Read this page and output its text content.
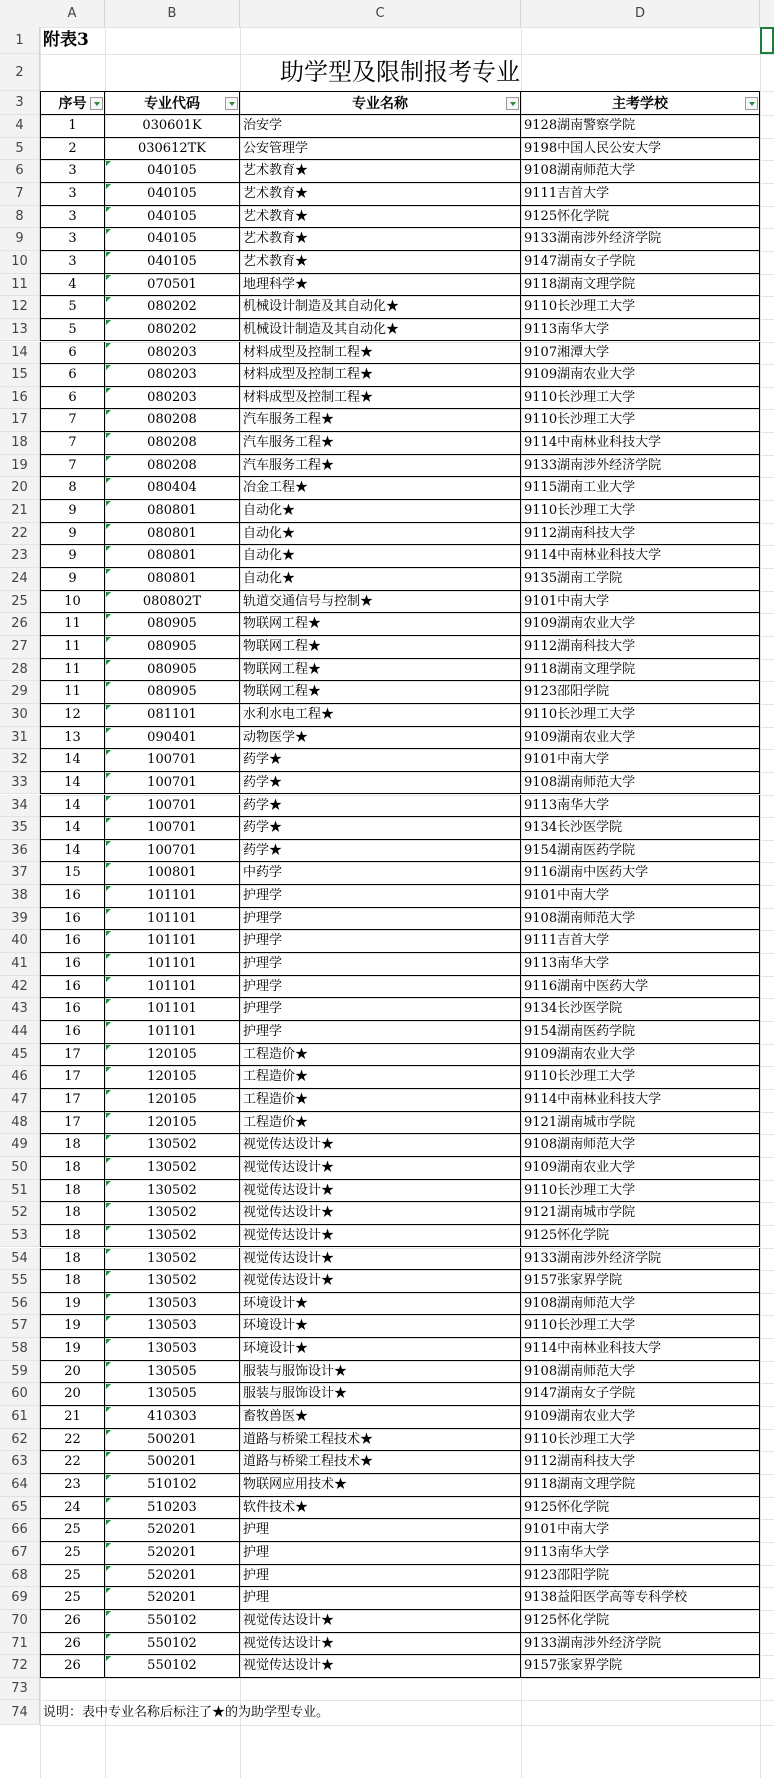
A	B	C	D
1
2
3
4
5
6
7
8
9
10
11
12
13
14
15
16
17
18
19
20
21
22
23
24
25
26
27
28
29
30
31
32
33
34
35
36
37
38
39
40
41
42
43
44
45
46
47
48
49
50
51
52
53
54
55
56
57
58
59
60
61
62
63
64
65
66
67
68
69
70
71
72
73
74
附表3
助学型及限制报考专业
序号	专业代码	专业名称	主考学校
1	030601K	治安学	9128湖南警察学院
2	030612TK	公安管理学	9198中国人民公安大学
3	040105	艺术教育★	9108湖南师范大学
3	040105	艺术教育★	9111吉首大学
3	040105	艺术教育★	9125怀化学院
3	040105	艺术教育★	9133湖南涉外经济学院
3	040105	艺术教育★	9147湖南女子学院
4	070501	地理科学★	9118湖南文理学院
5	080202	机械设计制造及其自动化★	9110长沙理工大学
5	080202	机械设计制造及其自动化★	9113南华大学
6	080203	材料成型及控制工程★	9107湘潭大学
6	080203	材料成型及控制工程★	9109湖南农业大学
6	080203	材料成型及控制工程★	9110长沙理工大学
7	080208	汽车服务工程★	9110长沙理工大学
7	080208	汽车服务工程★	9114中南林业科技大学
7	080208	汽车服务工程★	9133湖南涉外经济学院
8	080404	冶金工程★	9115湖南工业大学
9	080801	自动化★	9110长沙理工大学
9	080801	自动化★	9112湖南科技大学
9	080801	自动化★	9114中南林业科技大学
9	080801	自动化★	9135湖南工学院
10	080802T	轨道交通信号与控制★	9101中南大学
11	080905	物联网工程★	9109湖南农业大学
11	080905	物联网工程★	9112湖南科技大学
11	080905	物联网工程★	9118湖南文理学院
11	080905	物联网工程★	9123邵阳学院
12	081101	水利水电工程★	9110长沙理工大学
13	090401	动物医学★	9109湖南农业大学
14	100701	药学★	9101中南大学
14	100701	药学★	9108湖南师范大学
14	100701	药学★	9113南华大学
14	100701	药学★	9134长沙医学院
14	100701	药学★	9154湖南医药学院
15	100801	中药学	9116湖南中医药大学
16	101101	护理学	9101中南大学
16	101101	护理学	9108湖南师范大学
16	101101	护理学	9111吉首大学
16	101101	护理学	9113南华大学
16	101101	护理学	9116湖南中医药大学
16	101101	护理学	9134长沙医学院
16	101101	护理学	9154湖南医药学院
17	120105	工程造价★	9109湖南农业大学
17	120105	工程造价★	9110长沙理工大学
17	120105	工程造价★	9114中南林业科技大学
17	120105	工程造价★	9121湖南城市学院
18	130502	视觉传达设计★	9108湖南师范大学
18	130502	视觉传达设计★	9109湖南农业大学
18	130502	视觉传达设计★	9110长沙理工大学
18	130502	视觉传达设计★	9121湖南城市学院
18	130502	视觉传达设计★	9125怀化学院
18	130502	视觉传达设计★	9133湖南涉外经济学院
18	130502	视觉传达设计★	9157张家界学院
19	130503	环境设计★	9108湖南师范大学
19	130503	环境设计★	9110长沙理工大学
19	130503	环境设计★	9114中南林业科技大学
20	130505	服装与服饰设计★	9108湖南师范大学
20	130505	服装与服饰设计★	9147湖南女子学院
21	410303	畜牧兽医★	9109湖南农业大学
22	500201	道路与桥梁工程技术★	9110长沙理工大学
22	500201	道路与桥梁工程技术★	9112湖南科技大学
23	510102	物联网应用技术★	9118湖南文理学院
24	510203	软件技术★	9125怀化学院
25	520201	护理	9101中南大学
25	520201	护理	9113南华大学
25	520201	护理	9123邵阳学院
25	520201	护理	9138益阳医学高等专科学校
26	550102	视觉传达设计★	9125怀化学院
26	550102	视觉传达设计★	9133湖南涉外经济学院
26	550102	视觉传达设计★	9157张家界学院
说明：表中专业名称后标注了★的为助学型专业。
